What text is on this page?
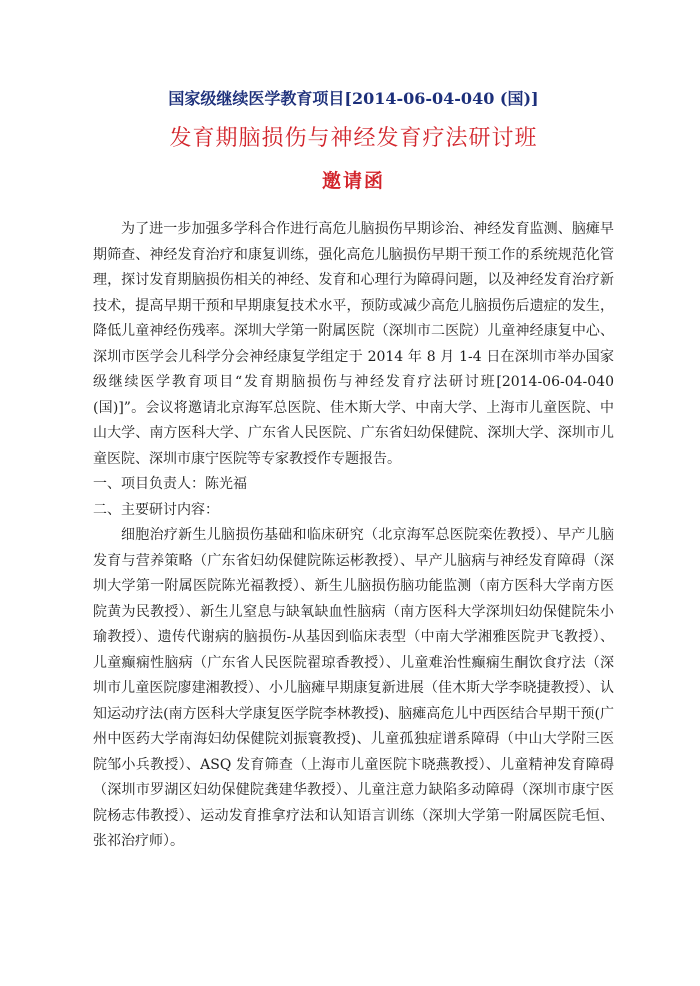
国家级继续医学教育项目[2014-06-04-040 (国)]
发育期脑损伤与神经发育疗法研讨班
邀请函

为了进一步加强多学科合作进行高危儿脑损伤早期诊治、神经发育监测、脑瘫早期筛查、神经发育治疗和康复训练，强化高危儿脑损伤早期干预工作的系统规范化管理，探讨发育期脑损伤相关的神经、发育和心理行为障碍问题，以及神经发育治疗新技术，提高早期干预和早期康复技术水平，预防或减少高危儿脑损伤后遗症的发生，降低儿童神经伤残率。深圳大学第一附属医院（深圳市二医院）儿童神经康复中心、深圳市医学会儿科学分会神经康复学组定于 2014 年 8 月 1-4 日在深圳市举办国家级继续医学教育项目“发育期脑损伤与神经发育疗法研讨班[2014-06-04-040 (国)]”。会议将邀请北京海军总医院、佳木斯大学、中南大学、上海市儿童医院、中山大学、南方医科大学、广东省人民医院、广东省妇幼保健院、深圳大学、深圳市儿童医院、深圳市康宁医院等专家教授作专题报告。

一、项目负责人：陈光福

二、主要研讨内容：

细胞治疗新生儿脑损伤基础和临床研究（北京海军总医院栾佐教授）、早产儿脑发育与营养策略（广东省妇幼保健院陈运彬教授）、早产儿脑病与神经发育障碍（深圳大学第一附属医院陈光福教授）、新生儿脑损伤脑功能监测（南方医科大学南方医院黄为民教授）、新生儿窒息与缺氧缺血性脑病（南方医科大学深圳妇幼保健院朱小瑜教授）、遗传代谢病的脑损伤-从基因到临床表型（中南大学湘雅医院尹飞教授）、儿童癫痫性脑病（广东省人民医院翟琼香教授）、儿童难治性癫痫生酮饮食疗法（深圳市儿童医院廖建湘教授）、小儿脑瘫早期康复新进展（佳木斯大学李晓捷教授）、认知运动疗法(南方医科大学康复医学院李林教授)、脑瘫高危儿中西医结合早期干预(广州中医药大学南海妇幼保健院刘振寰教授)、儿童孤独症谱系障碍（中山大学附三医院邹小兵教授）、ASQ 发育筛查（上海市儿童医院卞晓燕教授）、儿童精神发育障碍（深圳市罗湖区妇幼保健院龚建华教授）、儿童注意力缺陷多动障碍（深圳市康宁医院杨志伟教授）、运动发育推拿疗法和认知语言训练（深圳大学第一附属医院毛恒、张祁治疗师）。
